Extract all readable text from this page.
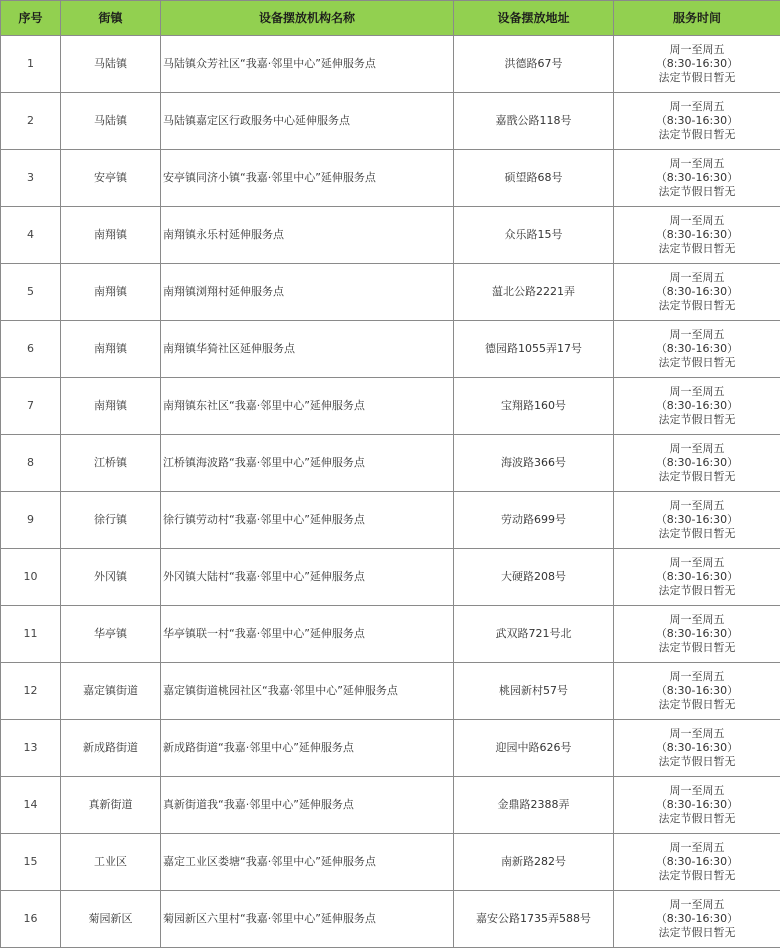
序号	街镇	设备摆放机构名称	设备摆放地址	服务时间
1	马陆镇	马陆镇众芳社区“我嘉·邻里中心”延伸服务点	洪德路67号	周一至周五
（8:30-16:30）
法定节假日暂无

2	马陆镇	马陆镇嘉定区行政服务中心延伸服务点	嘉戬公路118号	周一至周五
（8:30-16:30）
法定节假日暂无

3	安亭镇	安亭镇同济小镇“我嘉·邻里中心”延伸服务点	硕望路68号	周一至周五
（8:30-16:30）
法定节假日暂无

4	南翔镇	南翔镇永乐村延伸服务点	众乐路15号	周一至周五
（8:30-16:30）
法定节假日暂无

5	南翔镇	南翔镇浏翔村延伸服务点	蕰北公路2221弄	周一至周五
（8:30-16:30）
法定节假日暂无

6	南翔镇	南翔镇华猗社区延伸服务点	德园路1055弄17号	周一至周五
（8:30-16:30）
法定节假日暂无

7	南翔镇	南翔镇东社区“我嘉·邻里中心”延伸服务点	宝翔路160号	周一至周五
（8:30-16:30）
法定节假日暂无

8	江桥镇	江桥镇海波路“我嘉·邻里中心”延伸服务点	海波路366号	周一至周五
（8:30-16:30）
法定节假日暂无

9	徐行镇	徐行镇劳动村“我嘉·邻里中心”延伸服务点	劳动路699号	周一至周五
（8:30-16:30）
法定节假日暂无

10	外冈镇	外冈镇大陆村“我嘉·邻里中心”延伸服务点	大硬路208号	周一至周五
（8:30-16:30）
法定节假日暂无

11	华亭镇	华亭镇联一村“我嘉·邻里中心”延伸服务点	武双路721号北	周一至周五
（8:30-16:30）
法定节假日暂无

12	嘉定镇街道	嘉定镇街道桃园社区“我嘉·邻里中心”延伸服务点	桃园新村57号	周一至周五
（8:30-16:30）
法定节假日暂无

13	新成路街道	新成路街道“我嘉·邻里中心”延伸服务点	迎园中路626号	周一至周五
（8:30-16:30）
法定节假日暂无

14	真新街道	真新街道我“我嘉·邻里中心”延伸服务点	金鼎路2388弄	周一至周五
（8:30-16:30）
法定节假日暂无

15	工业区	嘉定工业区娄塘“我嘉·邻里中心”延伸服务点	南新路282号	周一至周五
（8:30-16:30）
法定节假日暂无

16	菊园新区	菊园新区六里村“我嘉·邻里中心”延伸服务点	嘉安公路1735弄588号	周一至周五
（8:30-16:30）
法定节假日暂无
